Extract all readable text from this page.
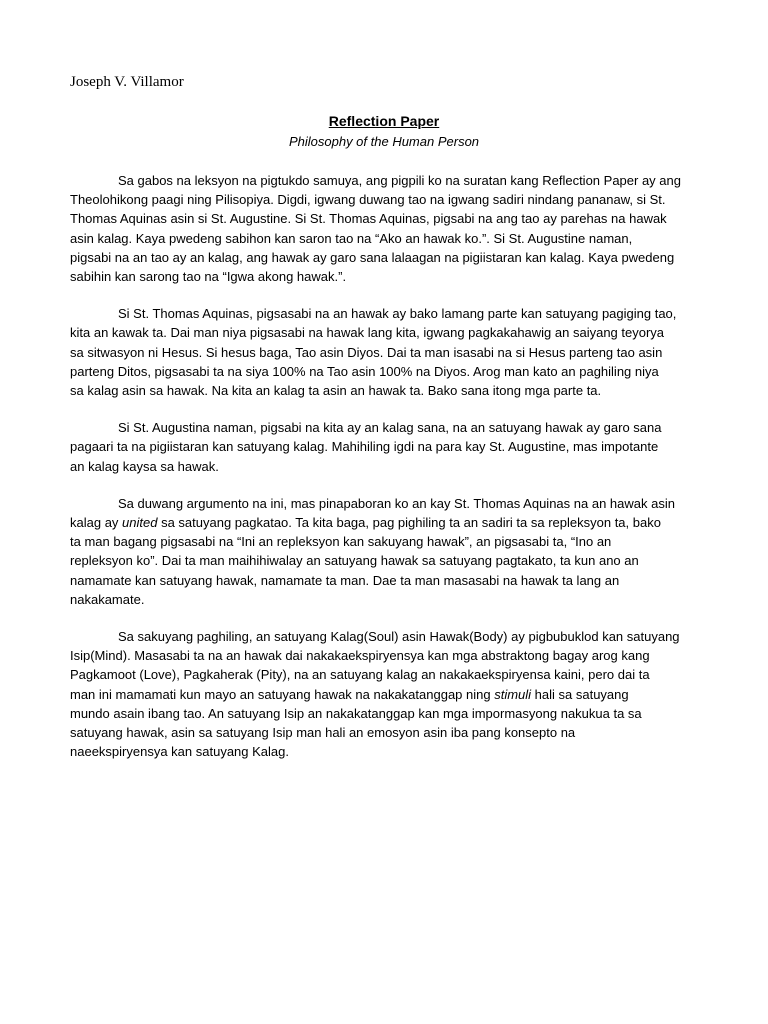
Joseph V. Villamor
Reflection Paper
Philosophy of the Human Person
Sa gabos na leksyon na pigtukdo samuya, ang pigpili ko na suratan kang Reflection Paper ay ang
Theolohikong paagi ning Pilisopiya. Digdi, igwang duwang tao na igwang sadiri nindang pananaw, si St.
Thomas Aquinas asin si St. Augustine. Si St. Thomas Aquinas, pigsabi na ang tao ay parehas na hawak
asin kalag. Kaya pwedeng sabihon kan saron tao na “Ako an hawak ko.”. Si St. Augustine naman,
pigsabi na an tao ay an kalag, ang hawak ay garo sana lalaagan na pigiistaran kan kalag. Kaya pwedeng
sabihin kan sarong tao na “Igwa akong hawak.”.
Si St. Thomas Aquinas, pigsasabi na an hawak ay bako lamang parte kan satuyang pagiging tao,
kita an kawak ta. Dai man niya pigsasabi na hawak lang kita, igwang pagkakahawig an saiyang teyorya
sa sitwasyon ni Hesus. Si hesus baga, Tao asin Diyos. Dai ta man isasabi na si Hesus parteng tao asin
parteng Ditos, pigsasabi ta na siya 100% na Tao asin 100% na Diyos. Arog man kato an paghiling niya
sa kalag asin sa hawak. Na kita an kalag ta asin an hawak ta. Bako sana itong mga parte ta.
Si St. Augustina naman, pigsabi na kita ay an kalag sana, na an satuyang hawak ay garo sana
pagaari ta na pigiistaran kan satuyang kalag. Mahihiling igdi na para kay St. Augustine, mas impotante
an kalag kaysa sa hawak.
Sa duwang argumento na ini, mas pinapaboran ko an kay St. Thomas Aquinas na an hawak asin
kalag ay united sa satuyang pagkatao. Ta kita baga, pag pighiling ta an sadiri ta sa repleksyon ta, bako
ta man bagang pigsasabi na “Ini an repleksyon kan sakuyang hawak”, an pigsasabi ta, “Ino an
repleksyon ko”. Dai ta man maihihiwalay an satuyang hawak sa satuyang pagtakato, ta kun ano an
namamate kan satuyang hawak, namamate ta man. Dae ta man masasabi na hawak ta lang an
nakakamate.
Sa sakuyang paghiling, an satuyang Kalag(Soul) asin Hawak(Body) ay pigbubuklod kan satuyang
Isip(Mind). Masasabi ta na an hawak dai nakakaekspiryensya kan mga abstraktong bagay arog kang
Pagkamoot (Love), Pagkaherak (Pity), na an satuyang kalag an nakakaekspiryensa kaini, pero dai ta
man ini mamamati kun mayo an satuyang hawak na nakakatanggap ning stimuli hali sa satuyang
mundo asain ibang tao. An satuyang Isip an nakakatanggap kan mga impormasyong nakukua ta sa
satuyang hawak, asin sa satuyang Isip man hali an emosyon asin iba pang konsepto na
naeekspiryensya kan satuyang Kalag.
